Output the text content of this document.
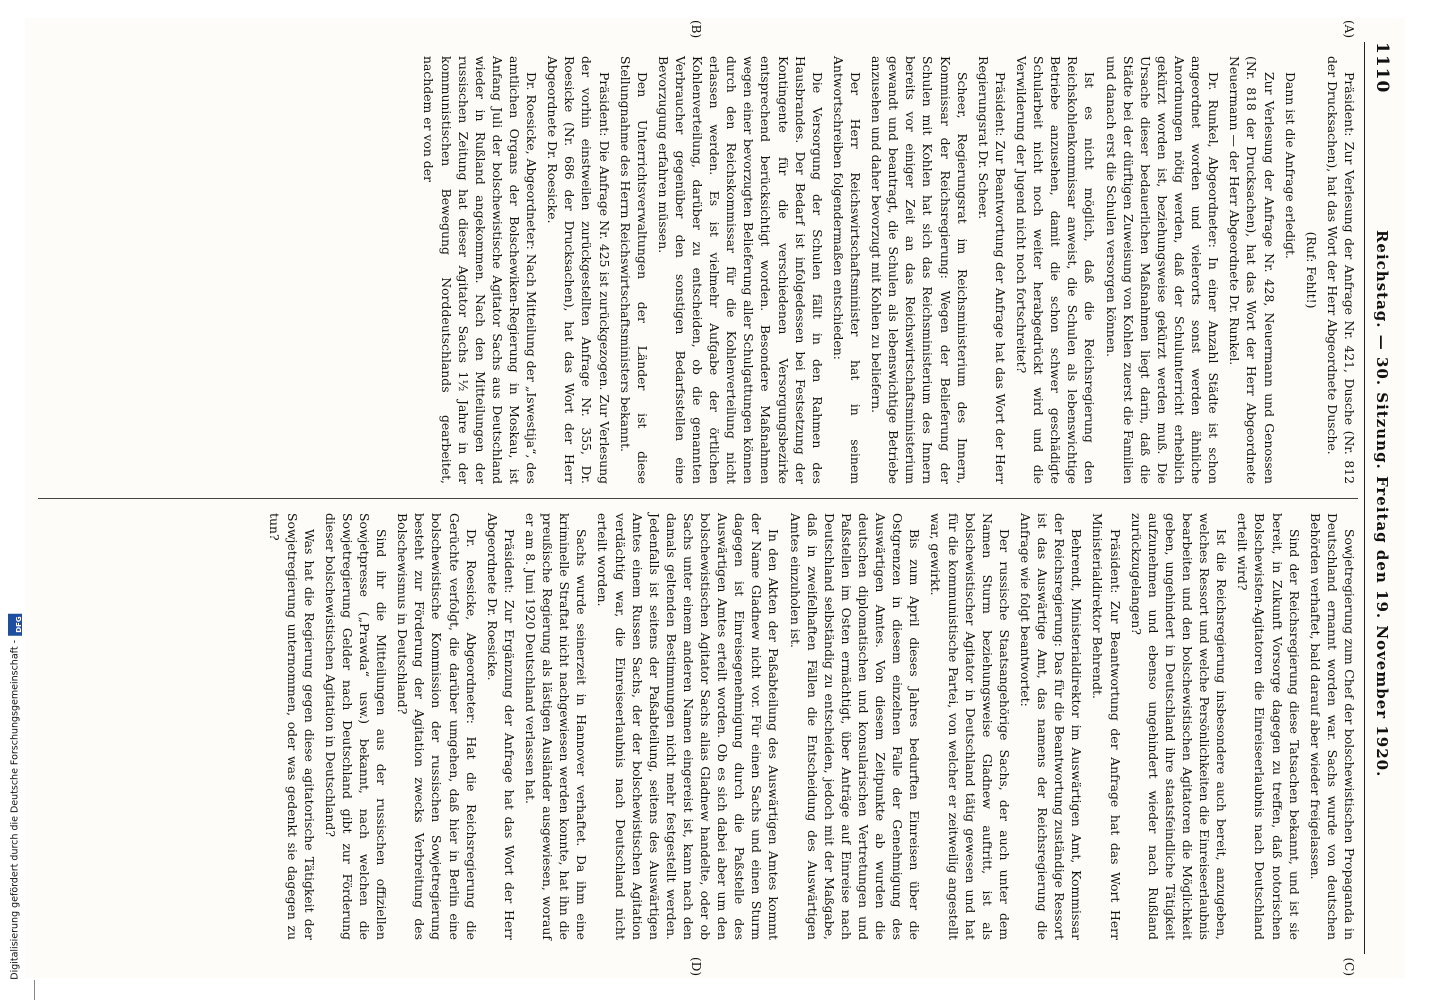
1110
Reichstag. — 30. Sitzung. Freitag den 19. November 1920.
(A)
(B)
(C)
(D)

Präsident: Zur Verlesung der Anfrage Nr. 421, Dusche (Nr. 812 der Drucksachen), hat das Wort der Herr Abgeordnete Dusche.

(Ruf: Fehlt!)

Dann ist die Anfrage erledigt.

Zur Verlesung der Anfrage Nr. 428, Neuermann und Genossen (Nr. 818 der Drucksachen), hat das Wort der Herr Abgeordnete Neuermann — der Herr Abgeordnete Dr. Runkel.

Dr. Runkel, Abgeordneter: In einer Anzahl Städte ist schon angeordnet worden und vielerorts sonst werden ähnliche Anordnungen nötig werden, daß der Schulunterricht erheblich gekürzt worden ist, beziehungsweise gekürzt werden muß. Die Ursache dieser bedauerlichen Maßnahmen liegt darin, daß die Städte bei der dürftigen Zuweisung von Kohlen zuerst die Familien und danach erst die Schulen versorgen können.

Ist es nicht möglich, daß die Reichsregierung den Reichskohlenkommissar anweist, die Schulen als lebenswichtige Betriebe anzusehen, damit die schon schwer geschädigte Schularbeit nicht noch weiter herabgedrückt wird und die Verwilderung der Jugend nicht noch fortschreitet?

Präsident: Zur Beantwortung der Anfrage hat das Wort der Herr Regierungsrat Dr. Scheer.

Scheer, Regierungsrat im Reichsministerium des Innern, Kommissar der Reichsregierung: Wegen der Belieferung der Schulen mit Kohlen hat sich das Reichsministerium des Innern bereits vor einiger Zeit an das Reichswirtschaftsministerium gewandt und beantragt, die Schulen als lebenswichtige Betriebe anzusehen und daher bevorzugt mit Kohlen zu beliefern.

Der Herr Reichswirtschaftsminister hat in seinem Antwortschreiben folgendermaßen entschieden:

Die Versorgung der Schulen fällt in den Rahmen des Hausbrandes. Der Bedarf ist infolgedessen bei Festsetzung der Kontingente für die verschiedenen Versorgungsbezirke entsprechend berücksichtigt worden. Besondere Maßnahmen wegen einer bevorzugten Belieferung aller Schulgattungen können durch den Reichskommissar für die Kohlenverteilung nicht erlassen werden. Es ist vielmehr Aufgabe der örtlichen Kohlenverteilung, darüber zu entscheiden, ob die genannten Verbraucher gegenüber den sonstigen Bedarfsstellen eine Bevorzugung erfahren müssen.

Den Unterrichtsverwaltungen der Länder ist diese Stellungnahme des Herrn Reichswirtschaftsministers bekannt.

Präsident: Die Anfrage Nr. 425 ist zurückgezogen. Zur Verlesung der vorhin einstweilen zurückgestellten Anfrage Nr. 355, Dr. Roesicke (Nr. 686 der Drucksachen), hat das Wort der Herr Abgeordnete Dr. Roesicke.

Dr. Roesicke, Abgeordneter: Nach Mitteilung der „Iswestija“, des amtlichen Organs der Bolschewiken-Regierung in Moskau, ist Anfang Juli der bolschewistische Agitator Sachs aus Deutschland wieder in Rußland angekommen. Nach den Mitteilungen der russischen Zeitung hat dieser Agitator Sachs 1½ Jahre in der kommunistischen Bewegung Norddeutschlands gearbeitet, nachdem er von der

Sowjetregierung zum Chef der bolschewistischen Propaganda in Deutschland ernannt worden war. Sachs wurde von deutschen Behörden verhaftet, bald darauf aber wieder freigelassen.

Sind der Reichsregierung diese Tatsachen bekannt, und ist sie bereit, in Zukunft Vorsorge dagegen zu treffen, daß notorischen Bolschewisten-Agitatoren die Einreiseerlaubnis nach Deutschland erteilt wird?

Ist die Reichsregierung insbesondere auch bereit, anzugeben, welches Ressort und welche Persönlichkeiten die Einreiseerlaubnis bearbeiten und den bolschewistischen Agitatoren die Möglichkeit geben, ungehindert in Deutschland ihre staatsfeindliche Tätigkeit aufzunehmen und ebenso ungehindert wieder nach Rußland zurückzugelangen?

Präsident: Zur Beantwortung der Anfrage hat das Wort Herr Ministerialdirektor Behrendt.

Behrendt, Ministerialdirektor im Auswärtigen Amt, Kommissar der Reichsregierung: Das für die Beantwortung zuständige Ressort ist das Auswärtige Amt, das namens der Reichsregierung die Anfrage wie folgt beantwortet:

Der russische Staatsangehörige Sachs, der auch unter dem Namen Sturm beziehungsweise Gladnew auftritt, ist als bolschewistischer Agitator in Deutschland tätig gewesen und hat für die kommunistische Partei, von welcher er zeitweilig angestellt war, gewirkt.

Bis zum April dieses Jahres bedurften Einreisen über die Ostgrenzen in diesem einzelnen Falle der Genehmigung des Auswärtigen Amtes. Von diesem Zeitpunkte ab wurden die deutschen diplomatischen und konsularischen Vertretungen und Paßstellen im Osten ermächtigt, über Anträge auf Einreise nach Deutschland selbständig zu entscheiden, jedoch mit der Maßgabe, daß in zweifelhaften Fällen die Entscheidung des Auswärtigen Amtes einzuholen ist.

In den Akten der Paßabteilung des Auswärtigen Amtes kommt der Name Gladnew nicht vor. Für einen Sachs und einen Sturm dagegen ist Einreisegenehmigung durch die Paßstelle des Auswärtigen Amtes erteilt worden. Ob es sich dabei aber um den bolschewistischen Agitator Sachs alias Gladnew handelte, oder ob Sachs unter einem anderen Namen eingereist ist, kann nach den damals geltenden Bestimmungen nicht mehr festgestellt werden. Jedenfalls ist seitens der Paßabteilung, seitens des Auswärtigen Amtes einem Russen Sachs, der der bolschewistischen Agitation verdächtig war, die Einreiseerlaubnis nach Deutschland nicht erteilt worden.

Sachs wurde seinerzeit in Hannover verhaftet. Da ihm eine kriminelle Straftat nicht nachgewiesen werden konnte, hat ihn die preußische Regierung als lästigen Ausländer ausgewiesen, worauf er am 8. Juni 1920 Deutschland verlassen hat.

Präsident: Zur Ergänzung der Anfrage hat das Wort der Herr Abgeordnete Dr. Roesicke.

Dr. Roesicke, Abgeordneter: Hat die Reichsregierung die Gerüchte verfolgt, die darüber umgehen, daß hier in Berlin eine bolschewistische Kommission der russischen Sowjetregierung besteht zur Förderung der Agitation zwecks Verbreitung des Bolschewismus in Deutschland?

Sind ihr die Mitteilungen aus der russischen offiziellen Sowjetpresse („Prawda“ usw.) bekannt, nach welchen die Sowjetregierung Gelder nach Deutschland gibt zur Förderung dieser bolschewistischen Agitation in Deutschland?

Was hat die Regierung gegen diese agitatorische Tätigkeit der Sowjetregierung unternommen, oder was gedenkt sie dagegen zu tun?

Digitalisierung gefördert durch die Deutsche Forschungsgemeinschaft -
DFG
